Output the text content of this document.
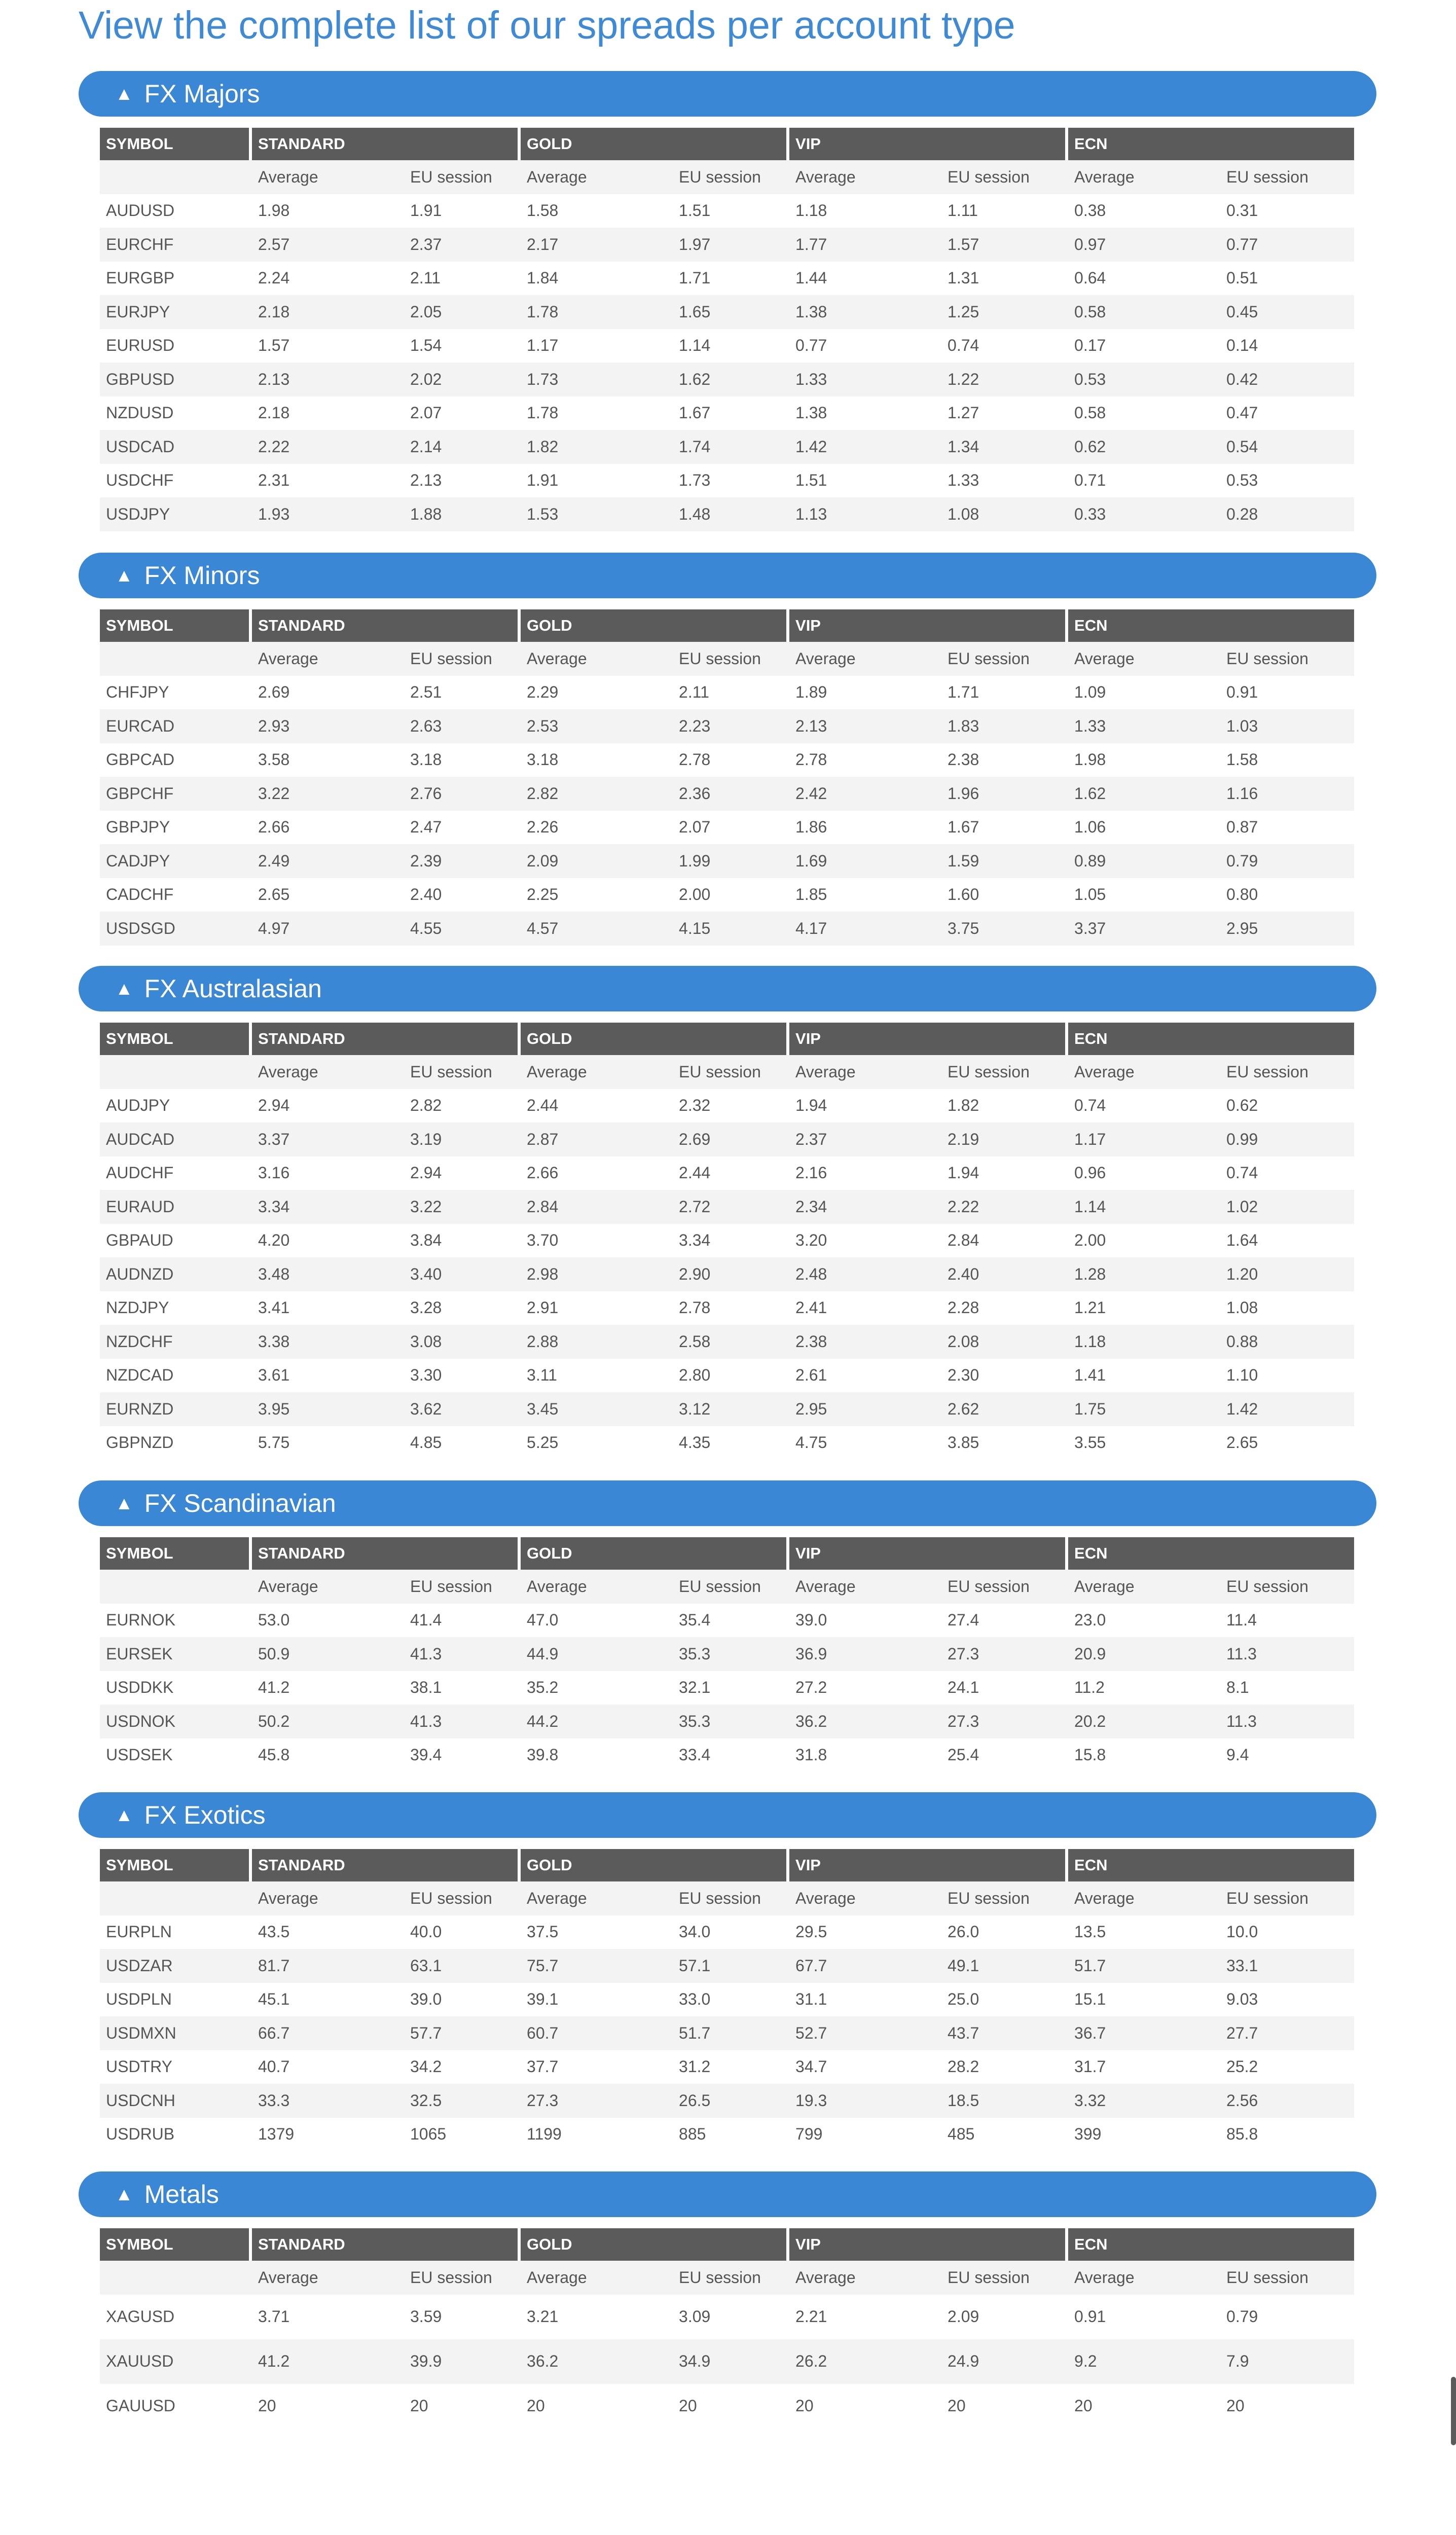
View the complete list of our spreads per account type
▲ FX Majors
SYMBOL	STANDARD		GOLD		VIP		ECN	
	Average	EU session	Average	EU session	Average	EU session	Average	EU session
AUDUSD	1.98	1.91	1.58	1.51	1.18	1.11	0.38	0.31
EURCHF	2.57	2.37	2.17	1.97	1.77	1.57	0.97	0.77
EURGBP	2.24	2.11	1.84	1.71	1.44	1.31	0.64	0.51
EURJPY	2.18	2.05	1.78	1.65	1.38	1.25	0.58	0.45
EURUSD	1.57	1.54	1.17	1.14	0.77	0.74	0.17	0.14
GBPUSD	2.13	2.02	1.73	1.62	1.33	1.22	0.53	0.42
NZDUSD	2.18	2.07	1.78	1.67	1.38	1.27	0.58	0.47
USDCAD	2.22	2.14	1.82	1.74	1.42	1.34	0.62	0.54
USDCHF	2.31	2.13	1.91	1.73	1.51	1.33	0.71	0.53
USDJPY	1.93	1.88	1.53	1.48	1.13	1.08	0.33	0.28
▲ FX Minors
SYMBOL	STANDARD		GOLD		VIP		ECN	
	Average	EU session	Average	EU session	Average	EU session	Average	EU session
CHFJPY	2.69	2.51	2.29	2.11	1.89	1.71	1.09	0.91
EURCAD	2.93	2.63	2.53	2.23	2.13	1.83	1.33	1.03
GBPCAD	3.58	3.18	3.18	2.78	2.78	2.38	1.98	1.58
GBPCHF	3.22	2.76	2.82	2.36	2.42	1.96	1.62	1.16
GBPJPY	2.66	2.47	2.26	2.07	1.86	1.67	1.06	0.87
CADJPY	2.49	2.39	2.09	1.99	1.69	1.59	0.89	0.79
CADCHF	2.65	2.40	2.25	2.00	1.85	1.60	1.05	0.80
USDSGD	4.97	4.55	4.57	4.15	4.17	3.75	3.37	2.95
▲ FX Australasian
SYMBOL	STANDARD		GOLD		VIP		ECN	
	Average	EU session	Average	EU session	Average	EU session	Average	EU session
AUDJPY	2.94	2.82	2.44	2.32	1.94	1.82	0.74	0.62
AUDCAD	3.37	3.19	2.87	2.69	2.37	2.19	1.17	0.99
AUDCHF	3.16	2.94	2.66	2.44	2.16	1.94	0.96	0.74
EURAUD	3.34	3.22	2.84	2.72	2.34	2.22	1.14	1.02
GBPAUD	4.20	3.84	3.70	3.34	3.20	2.84	2.00	1.64
AUDNZD	3.48	3.40	2.98	2.90	2.48	2.40	1.28	1.20
NZDJPY	3.41	3.28	2.91	2.78	2.41	2.28	1.21	1.08
NZDCHF	3.38	3.08	2.88	2.58	2.38	2.08	1.18	0.88
NZDCAD	3.61	3.30	3.11	2.80	2.61	2.30	1.41	1.10
EURNZD	3.95	3.62	3.45	3.12	2.95	2.62	1.75	1.42
GBPNZD	5.75	4.85	5.25	4.35	4.75	3.85	3.55	2.65
▲ FX Scandinavian
SYMBOL	STANDARD		GOLD		VIP		ECN	
	Average	EU session	Average	EU session	Average	EU session	Average	EU session
EURNOK	53.0	41.4	47.0	35.4	39.0	27.4	23.0	11.4
EURSEK	50.9	41.3	44.9	35.3	36.9	27.3	20.9	11.3
USDDKK	41.2	38.1	35.2	32.1	27.2	24.1	11.2	8.1
USDNOK	50.2	41.3	44.2	35.3	36.2	27.3	20.2	11.3
USDSEK	45.8	39.4	39.8	33.4	31.8	25.4	15.8	9.4
▲ FX Exotics
SYMBOL	STANDARD		GOLD		VIP		ECN	
	Average	EU session	Average	EU session	Average	EU session	Average	EU session
EURPLN	43.5	40.0	37.5	34.0	29.5	26.0	13.5	10.0
USDZAR	81.7	63.1	75.7	57.1	67.7	49.1	51.7	33.1
USDPLN	45.1	39.0	39.1	33.0	31.1	25.0	15.1	9.03
USDMXN	66.7	57.7	60.7	51.7	52.7	43.7	36.7	27.7
USDTRY	40.7	34.2	37.7	31.2	34.7	28.2	31.7	25.2
USDCNH	33.3	32.5	27.3	26.5	19.3	18.5	3.32	2.56
USDRUB	1379	1065	1199	885	799	485	399	85.8
▲ Metals
SYMBOL	STANDARD		GOLD		VIP		ECN	
	Average	EU session	Average	EU session	Average	EU session	Average	EU session
XAGUSD	3.71	3.59	3.21	3.09	2.21	2.09	0.91	0.79
XAUUSD	41.2	39.9	36.2	34.9	26.2	24.9	9.2	7.9
GAUUSD	20	20	20	20	20	20	20	20
